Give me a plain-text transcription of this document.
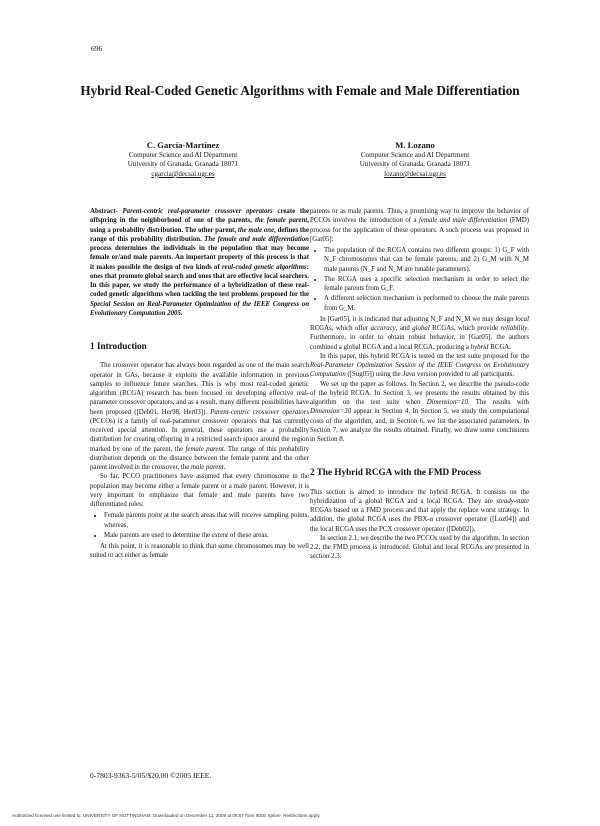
696
Hybrid Real-Coded Genetic Algorithms with Female and Male Differentiation
C. García-Martínez
Computer Science and AI Department
University of Granada, Granada 18071
cgarcia@decsai.ugr.es
M. Lozano
Computer Science and AI Department
University of Granada, Granada 18071
lozano@decsai.ugr.es

Abstract- Parent-centric real-parameter crossover operators create the offspring in the neighborhood of one of the parents, the female parent, using a probability distribution. The other parent, the male one, defines the range of this probability distribution. The female and male differentiation process determines the individuals in the population that may become female or/and male parents. An important property of this process is that it makes possible the design of two kinds of real-coded genetic algorithms: ones that promote global search and ones that are effective local searchers. In this paper, we study the performance of a hybridization of these real-coded genetic algorithms when tackling the test problems proposed for the Special Session on Real-Parameter Optimization of the IEEE Congress on Evolutionary Computation 2005.

1 Introduction

The crossover operator has always been regarded as one of the main search operator in GAs, because it exploits the available information in previous samples to influence future searches. This is why most real-coded genetic algorithm (RCGA) research has been focused on developing effective real-parameter crossover operators, and as a result, many different possibilities have been proposed ([Deb01, Her98, Her03]). Parent-centric crossover operators (PCCOs) is a family of real-parameter crossover operators that has currently received special attention. In general, these operators use a probability distribution for creating offspring in a restricted search space around the region marked by one of the parent, the female parent. The range of this probability distribution depends on the distance between the female parent and the other parent involved in the crossover, the male parent.

So far, PCCO practitioners have assumed that every chromosome in the population may become either a female parent or a male parent. However, it is very important to emphasize that female and male parents have two differentiated roles:

• Female parents point at the search areas that will receive sampling points, whereas,
• Male parents are used to determine the extent of these areas.

At this point, it is reasonable to think that some chromosomes may be well suited to act either as female

parents or as male parents. Thus, a promising way to improve the behavior of PCCOs involves the introduction of a female and male differentiation (FMD) process for the application of these operators. A such process was proposed in [Gar05]:

• The population of the RCGA contains two different groups: 1) G_F with N_F chromosomes that can be female parents, and 2) G_M with N_M male parents (N_F and N_M are tunable parameters).
• The RCGA uses a specific selection mechanism in order to select the female parents from G_F.
• A different selection mechanism is performed to choose the male parents from G_M.

In [Gar05], it is indicated that adjusting N_F and N_M we may design local RCGAs, which offer accuracy, and global RCGAs, which provide reliability. Furthermore, in order to obtain robust behavior, in [Gar05], the authors combined a global RCGA and a local RCGA, producing a hybrid RCGA.

In this paper, this hybrid RCGA is tested on the test suite proposed for the Real-Parameter Optimization Session of the IEEE Congress on Evolutionary Computation ([Sug05]) using the Java version provided to all participants.

We set up the paper as follows. In Section 2, we describe the pseudo-code of the hybrid RCGA. In Section 3, we presents the results obtained by this algorithm on the test suite when Dimension=10. The results with Dimension=30 appear in Section 4. In Section 5, we study the computational costs of the algorithm, and, in Section 6, we list the associated parameters. In Section 7, we analyze the results obtained. Finally, we draw some conclusions in Section 8.

2 The Hybrid RCGA with the FMD Process

This section is aimed to introduce the hybrid RCGA. It consists on the hybridization of a global RCGA and a local RCGA. They are steady-state RCGAs based on a FMD process and that apply the replace worst strategy. In addition, the global RCGA uses the PBX-α crossover operator ([Loz04]) and the local RCGA uses the PCX crossover operator ([Deb02]).

In section 2.1, we describe the two PCCOs used by the algorithm. In section 2.2, the FMD process is introduced. Global and local RCGAs are presented in section 2.3.

0-7803-9363-5/05/$20.00 ©2005 IEEE.
Authorized licensed use limited to: UNIVERSITY OF NOTTINGHAM. Downloaded on December 11, 2009 at 06:57 from IEEE Xplore. Restrictions apply.
